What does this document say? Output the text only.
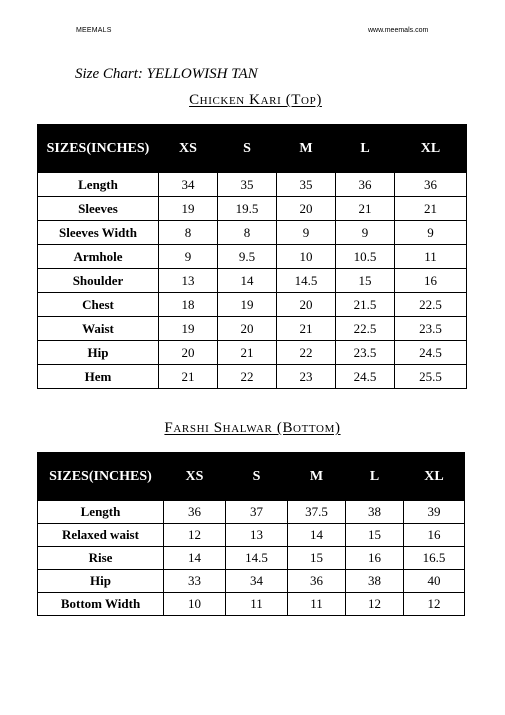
MEEMALS	www.meemals.com
Size Chart: YELLOWISH TAN
Chicken Kari (Top)
SIZES(INCHES)	XS	S	M	L	XL
Length	34	35	35	36	36
Sleeves	19	19.5	20	21	21
Sleeves Width	8	8	9	9	9
Armhole	9	9.5	10	10.5	11
Shoulder	13	14	14.5	15	16
Chest	18	19	20	21.5	22.5
Waist	19	20	21	22.5	23.5
Hip	20	21	22	23.5	24.5
Hem	21	22	23	24.5	25.5
Farshi Shalwar (Bottom)
SIZES(INCHES)	XS	S	M	L	XL
Length	36	37	37.5	38	39
Relaxed waist	12	13	14	15	16
Rise	14	14.5	15	16	16.5
Hip	33	34	36	38	40
Bottom Width	10	11	11	12	12
